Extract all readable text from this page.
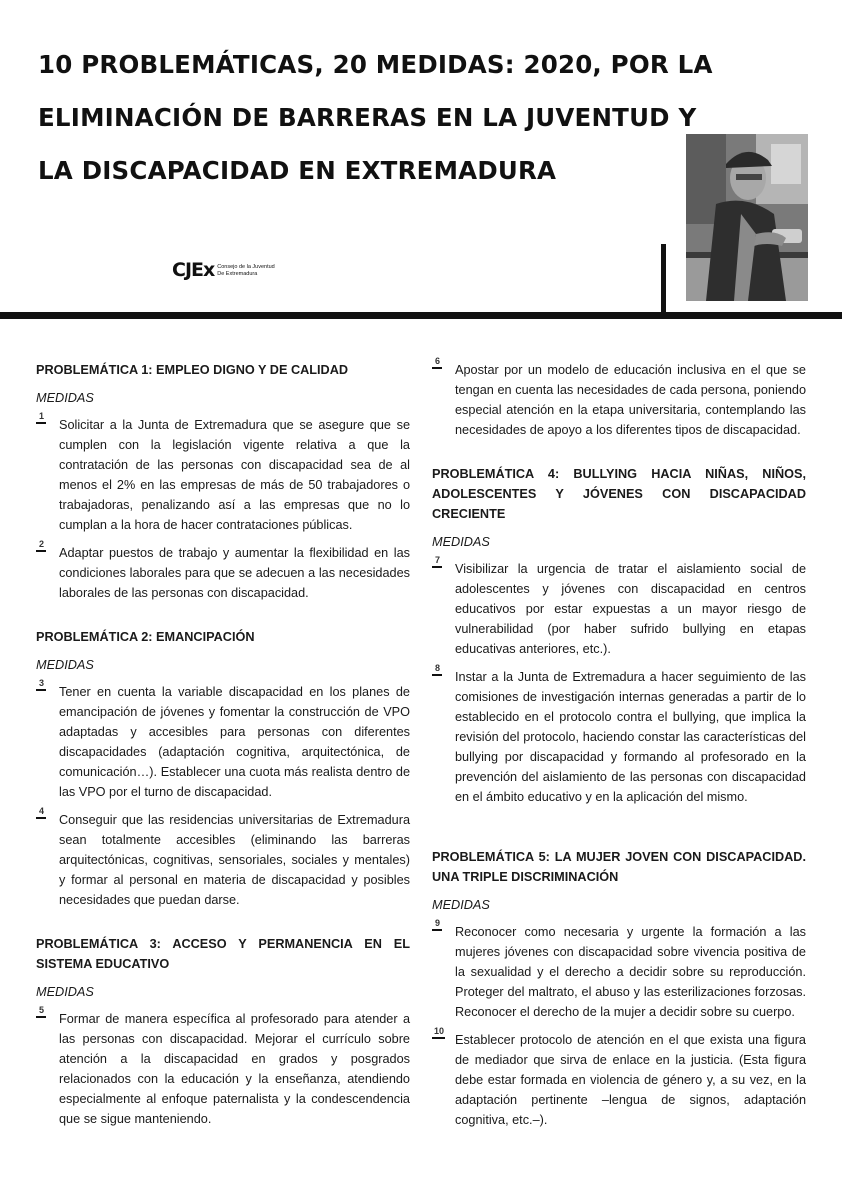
10 PROBLEMÁTICAS, 20 MEDIDAS: 2020, POR LA
ELIMINACIÓN DE BARRERAS EN LA JUVENTUD Y
LA DISCAPACIDAD EN EXTREMADURA
CJEx Consejo de la Juventud
De Extremadura
PROBLEMÁTICA 1: EMPLEO DIGNO Y DE CALIDAD
MEDIDAS
1
Solicitar a la Junta de Extremadura que se asegure que se cumplen con la legislación vigente relativa a que la contratación de las personas con discapacidad sea de al menos el 2% en las empresas de más de 50 trabajadores o trabajadoras, penalizando así a las empresas que no lo cumplan a la hora de hacer contrataciones públicas.
2
Adaptar puestos de trabajo y aumentar la flexibilidad en las condiciones laborales para que se adecuen a las necesidades laborales de las personas con discapacidad.
PROBLEMÁTICA 2: EMANCIPACIÓN
MEDIDAS
3
Tener en cuenta la variable discapacidad en los planes de emancipación de jóvenes y fomentar la construcción de VPO adaptadas y accesibles para personas con diferentes discapacidades (adaptación cognitiva, arquitectónica, de comunicación…). Establecer una cuota más realista dentro de las VPO por el turno de discapacidad.
4
Conseguir que las residencias universitarias de Extremadura sean totalmente accesibles (eliminando las barreras arquitectónicas, cognitivas, sensoriales, sociales y mentales) y formar al personal en materia de discapacidad y posibles necesidades que puedan darse.
PROBLEMÁTICA 3: ACCESO Y PERMANENCIA EN EL SISTEMA EDUCATIVO
MEDIDAS
5
Formar de manera específica al profesorado para atender a las personas con discapacidad. Mejorar el currículo sobre atención a la discapacidad en grados y posgrados relacionados con la educación y la enseñanza, atendiendo especialmente al enfoque paternalista y la condescendencia que se sigue manteniendo.
6
Apostar por un modelo de educación inclusiva en el que se tengan en cuenta las necesidades de cada persona, poniendo especial atención en la etapa universitaria, contemplando las necesidades de apoyo a los diferentes tipos de discapacidad.
PROBLEMÁTICA 4: BULLYING HACIA NIÑAS, NIÑOS, ADOLESCENTES Y JÓVENES CON DISCAPACIDAD CRECIENTE
MEDIDAS
7
Visibilizar la urgencia de tratar el aislamiento social de adolescentes y jóvenes con discapacidad en centros educativos por estar expuestas a un mayor riesgo de vulnerabilidad (por haber sufrido bullying en etapas educativas anteriores, etc.).
8
Instar a la Junta de Extremadura a hacer seguimiento de las comisiones de investigación internas generadas a partir de lo establecido en el protocolo contra el bullying, que implica la revisión del protocolo, haciendo constar las características del bullying por discapacidad y formando al profesorado en la prevención del aislamiento de las personas con discapacidad en el ámbito educativo y en la aplicación del mismo.
PROBLEMÁTICA 5: LA MUJER JOVEN CON DISCAPACIDAD. UNA TRIPLE DISCRIMINACIÓN
MEDIDAS
9
Reconocer como necesaria y urgente la formación a las mujeres jóvenes con discapacidad sobre vivencia positiva de la sexualidad y el derecho a decidir sobre su reproducción. Proteger del maltrato, el abuso y las esterilizaciones forzosas. Reconocer el derecho de la mujer a decidir sobre su cuerpo.
10
Establecer protocolo de atención en el que exista una figura de mediador que sirva de enlace en la justicia. (Esta figura debe estar formada en violencia de género y, a su vez, en la adaptación pertinente –lengua de signos, adaptación cognitiva, etc.–).
